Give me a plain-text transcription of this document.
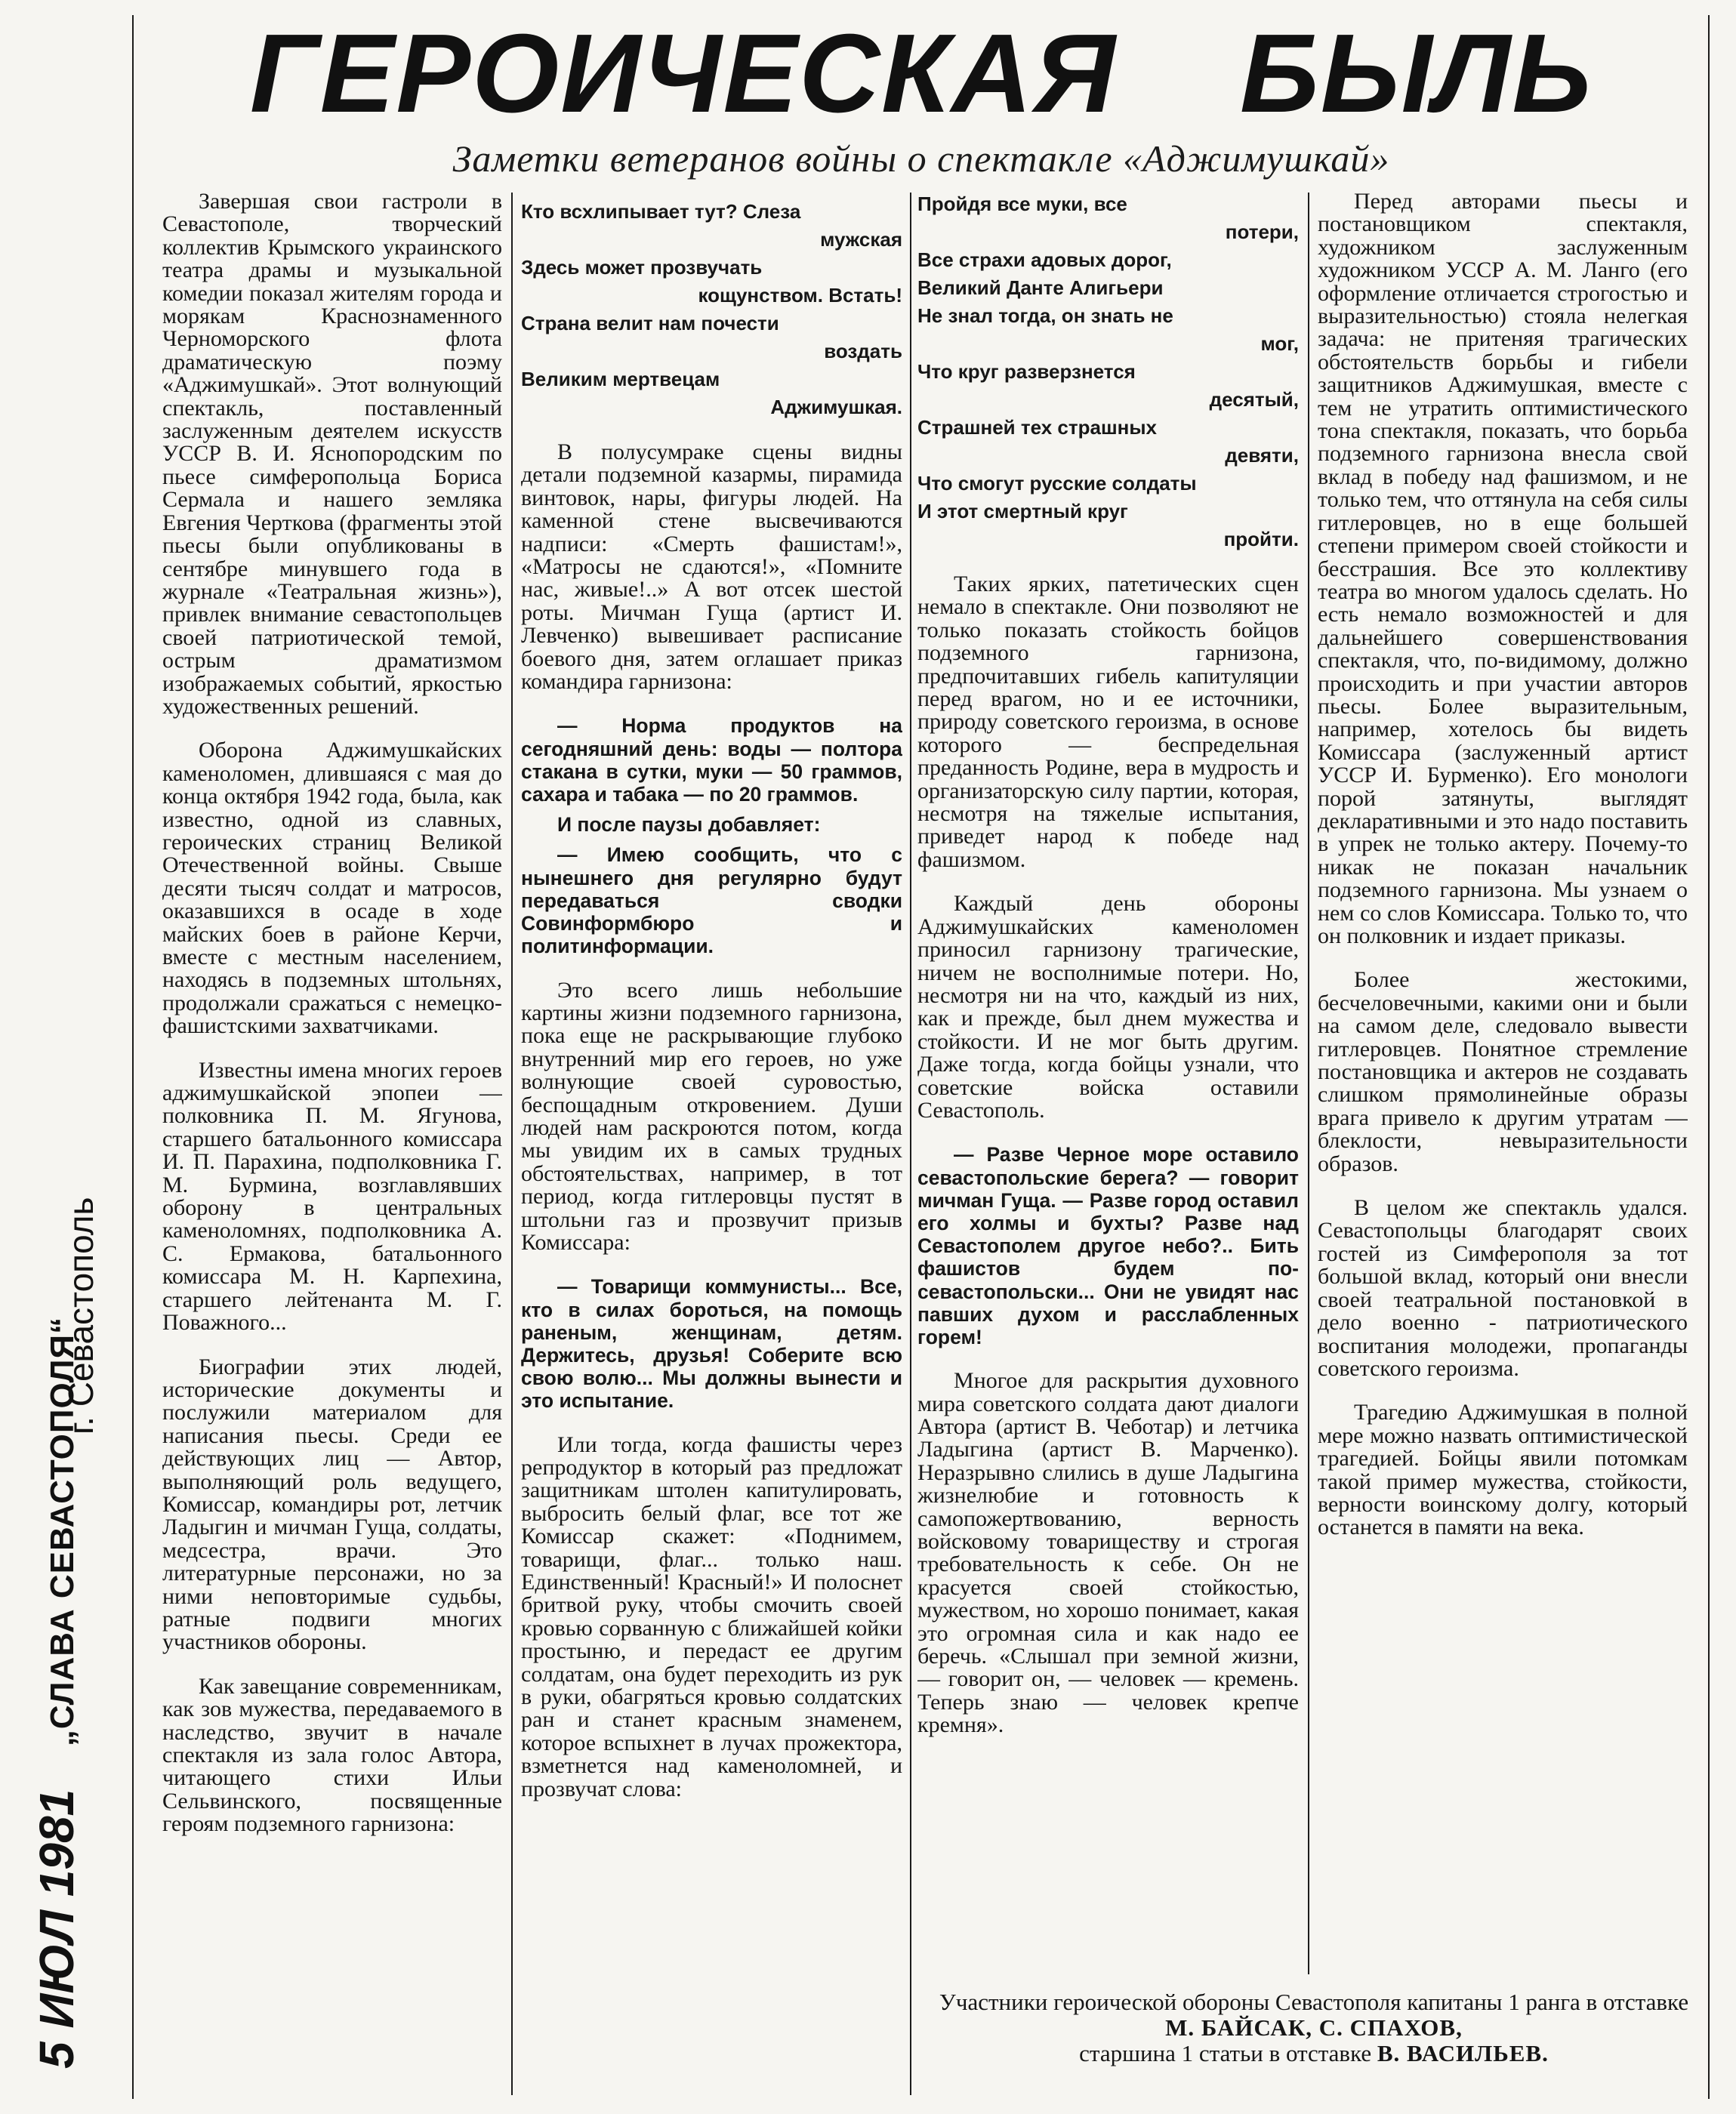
ГЕРОИЧЕСКАЯ БЫЛЬ
Заметки ветеранов войны о спектакле «Аджимушкай»

Завершая свои гастроли в Севастополе, творческий коллектив Крымского украинского театра драмы и музыкальной комедии показал жителям города и морякам Краснознаменного Черноморского флота драматическую поэму «Аджимушкай». Этот волнующий спектакль, поставленный заслуженным деятелем искусств УССР В. И. Яснопородским по пьесе симферопольца Бориса Сермала и нашего земляка Евгения Черткова (фрагменты этой пьесы были опубликованы в сентябре минувшего года в журнале «Театральная жизнь»), привлек внимание севастопольцев своей патриотической темой, острым драматизмом изображаемых событий, яркостью художественных решений.

Оборона Аджимушкайских каменоломен, длившаяся с мая до конца октября 1942 года, была, как известно, одной из славных, героических страниц Великой Отечественной войны. Свыше десяти тысяч солдат и матросов, оказавшихся в осаде в ходе майских боев в районе Керчи, вместе с местным населением, находясь в подземных штольнях, продолжали сражаться с немецко-фашистскими захватчиками.

Известны имена многих героев аджимушкайской эпопеи — полковника П. М. Ягунова, старшего батальонного комиссара И. П. Парахина, подполковника Г. М. Бурмина, возглавлявших оборону в центральных каменоломнях, подполковника А. С. Ермакова, батальонного комиссара М. Н. Карпехина, старшего лейтенанта М. Г. Поважного...

Биографии этих людей, исторические документы и послужили материалом для написания пьесы. Среди ее действующих лиц — Автор, выполняющий роль ведущего, Комиссар, командиры рот, летчик Ладыгин и мичман Гуща, солдаты, медсестра, врачи. Это литературные персонажи, но за ними неповторимые судьбы, ратные подвиги многих участников обороны.

Как завещание современникам, как зов мужества, передаваемого в наследство, звучит в начале спектакля из зала голос Автора, читающего стихи Ильи Сельвинского, посвященные героям подземного гарнизона:

Кто всхлипывает тут? Слеза
мужская
Здесь может прозвучать
кощунством. Встать!
Страна велит нам почести
воздать
Великим мертвецам
Аджимушкая.

В полусумраке сцены видны детали подземной казармы, пирамида винтовок, нары, фигуры людей. На каменной стене высвечиваются надписи: «Смерть фашистам!», «Матросы не сдаются!», «Помните нас, живые!..» А вот отсек шестой роты. Мичман Гуща (артист И. Левченко) вывешивает расписание боевого дня, затем оглашает приказ командира гарнизона:

— Норма продуктов на сегодняшний день: воды — полтора стакана в сутки, муки — 50 граммов, сахара и табака — по 20 граммов.

И после паузы добавляет:

— Имею сообщить, что с нынешнего дня регулярно будут передаваться сводки Совинформбюро и политинформации.

Это всего лишь небольшие картины жизни подземного гарнизона, пока еще не раскрывающие глубоко внутренний мир его героев, но уже волнующие своей суровостью, беспощадным откровением. Души людей нам раскроются потом, когда мы увидим их в самых трудных обстоятельствах, например, в тот период, когда гитлеровцы пустят в штольни газ и прозвучит призыв Комиссара:

— Товарищи коммунисты... Все, кто в силах бороться, на помощь раненым, женщинам, детям. Держитесь, друзья! Соберите всю свою волю... Мы должны вынести и это испытание.

Или тогда, когда фашисты через репродуктор в который раз предложат защитникам штолен капитулировать, выбросить белый флаг, все тот же Комиссар скажет: «Поднимем, товарищи, флаг... только наш. Единственный! Красный!» И полоснет бритвой руку, чтобы смочить своей кровью сорванную с ближайшей койки простыню, и передаст ее другим солдатам, она будет переходить из рук в руки, обагряться кровью солдатских ран и станет красным знаменем, которое вспыхнет в лучах прожектора, взметнется над каменоломней, и прозвучат слова:

Пройдя все муки, все
потери,
Все страхи адовых дорог,
Великий Данте Алигьери
Не знал тогда, он знать не
мог,
Что круг разверзнется
десятый,
Страшней тех страшных
девяти,
Что смогут русские солдаты
И этот смертный круг
пройти.

Таких ярких, патетических сцен немало в спектакле. Они позволяют не только показать стойкость бойцов подземного гарнизона, предпочитавших гибель капитуляции перед врагом, но и ее источники, природу советского героизма, в основе которого — беспредельная преданность Родине, вера в мудрость и организаторскую силу партии, которая, несмотря на тяжелые испытания, приведет народ к победе над фашизмом.

Каждый день обороны Аджимушкайских каменоломен приносил гарнизону трагические, ничем не восполнимые потери. Но, несмотря ни на что, каждый из них, как и прежде, был днем мужества и стойкости. И не мог быть другим. Даже тогда, когда бойцы узнали, что советские войска оставили Севастополь.

— Разве Черное море оставило севастопольские берега? — говорит мичман Гуща. — Разве город оставил его холмы и бухты? Разве над Севастополем другое небо?.. Бить фашистов будем по-севастопольски... Они не увидят нас павших духом и расслабленных горем!

Многое для раскрытия духовного мира советского солдата дают диалоги Автора (артист В. Чеботар) и летчика Ладыгина (артист В. Марченко). Неразрывно слились в душе Ладыгина жизнелюбие и готовность к самопожертвованию, верность войсковому товариществу и строгая требовательность к себе. Он не красуется своей стойкостью, мужеством, но хорошо понимает, какая это огромная сила и как надо ее беречь. «Слышал при земной жизни, — говорит он, — человек — кремень. Теперь знаю — человек крепче кремня».

Перед авторами пьесы и постановщиком спектакля, художником заслуженным художником УССР А. М. Ланго (его оформление отличается строгостью и выразительностью) стояла нелегкая задача: не притеняя трагических обстоятельств борьбы и гибели защитников Аджимушкая, вместе с тем не утратить оптимистического тона спектакля, показать, что борьба подземного гарнизона внесла свой вклад в победу над фашизмом, и не только тем, что оттянула на себя силы гитлеровцев, но в еще большей степени примером своей стойкости и бесстрашия. Все это коллективу театра во многом удалось сделать. Но есть немало возможностей и для дальнейшего совершенствования спектакля, что, по-видимому, должно происходить и при участии авторов пьесы. Более выразительным, например, хотелось бы видеть Комиссара (заслуженный артист УССР И. Бурменко). Его монологи порой затянуты, выглядят декларативными и это надо поставить в упрек не только актеру. Почему-то никак не показан начальник подземного гарнизона. Мы узнаем о нем со слов Комиссара. Только то, что он полковник и издает приказы.

Более жестокими, бесчеловечными, какими они и были на самом деле, следовало вывести гитлеровцев. Понятное стремление постановщика и актеров не создавать слишком прямолинейные образы врага привело к другим утратам — блеклости, невыразительности образов.

В целом же спектакль удался. Севастопольцы благодарят своих гостей из Симферополя за тот большой вклад, который они внесли своей театральной постановкой в дело военно - патриотического воспитания молодежи, пропаганды советского героизма.

Трагедию Аджимушкая в полной мере можно назвать оптимистической трагедией. Бойцы явили потомкам такой пример мужества, стойкости, верности воинскому долгу, который останется в памяти на века.

Участники героической обороны Севастополя капитаны 1 ранга в отставке М. БАЙСАК, С. СПАХОВ,
старшина 1 статьи в отставке В. ВАСИЛЬЕВ.
5 ИЮЛ 1981  „СЛАВА СЕВАСТОПОЛЯ“
г. Севастополь
